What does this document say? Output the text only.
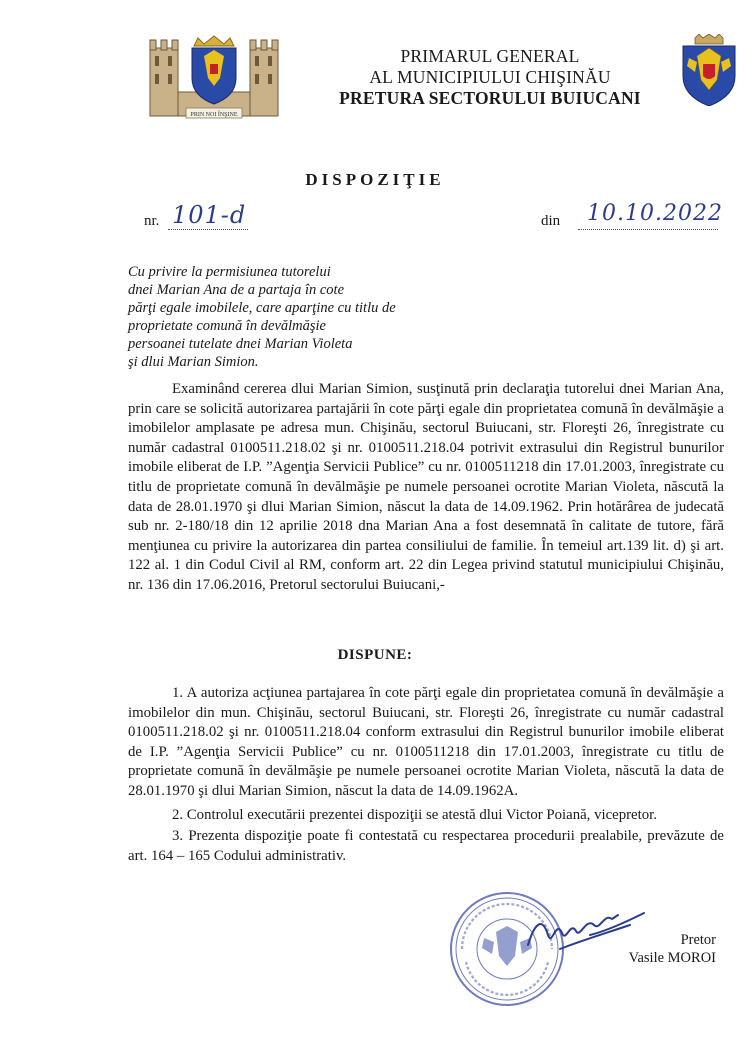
PRIN NOI ÎNŞINE
PRIMARUL GENERAL
AL MUNICIPIULUI CHIŞINĂU
PRETURA SECTORULUI BUIUCANI
DISPOZIŢIE
nr. 101-d	din 10.10.2022
Cu privire la permisiunea tutorelui
dnei Marian Ana de a partaja în cote
părţi egale imobilele, care aparţine cu titlu de
proprietate comună în devălmăşie
persoanei tutelate dnei Marian Violeta
şi dlui Marian Simion.
Examinând cererea dlui Marian Simion, susţinută prin declaraţia tutorelui dnei Marian Ana, prin care se solicită autorizarea partajării în cote părţi egale din proprietatea comună în devălmăşie a imobilelor amplasate pe adresa mun. Chişinău, sectorul Buiucani, str. Floreşti 26, înregistrate cu număr cadastral 0100511.218.02 şi nr. 0100511.218.04 potrivit extrasului din Registrul bunurilor imobile eliberat de I.P. ”Agenţia Servicii Publice” cu nr. 0100511218 din 17.01.2003, înregistrate cu titlu de proprietate comună în devălmăşie pe numele persoanei ocrotite Marian Violeta, născută la data de 28.01.1970 şi dlui Marian Simion, născut la data de 14.09.1962. Prin hotărârea de judecată sub nr. 2-180/18 din 12 aprilie 2018 dna Marian Ana a fost desemnată în calitate de tutore, fără menţiunea cu privire la autorizarea din partea consiliului de familie. În temeiul art.139 lit. d) şi art. 122 al. 1 din Codul Civil al RM, conform art. 22 din Legea privind statutul municipiului Chişinău, nr. 136 din 17.06.2016, Pretorul sectorului Buiucani,-
DISPUNE:
1. A autoriza acţiunea partajarea în cote părţi egale din proprietatea comună în devălmăşie a imobilelor din mun. Chişinău, sectorul Buiucani, str. Floreşti 26, înregistrate cu număr cadastral 0100511.218.02 şi nr. 0100511.218.04 conform extrasului din Registrul bunurilor imobile eliberat de I.P. ”Agenţia Servicii Publice” cu nr. 0100511218 din 17.01.2003, înregistrate cu titlu de proprietate comună în devălmăşie pe numele persoanei ocrotite Marian Violeta, născută la data de 28.01.1970 şi dlui Marian Simion, născut la data de 14.09.1962A.
2. Controlul executării prezentei dispoziţii se atestă dlui Victor Poiană, vicepretor.
3. Prezenta dispoziţie poate fi contestată cu respectarea procedurii prealabile, prevăzute de art. 164 – 165 Codului administrativ.
Pretor
Vasile MOROI
